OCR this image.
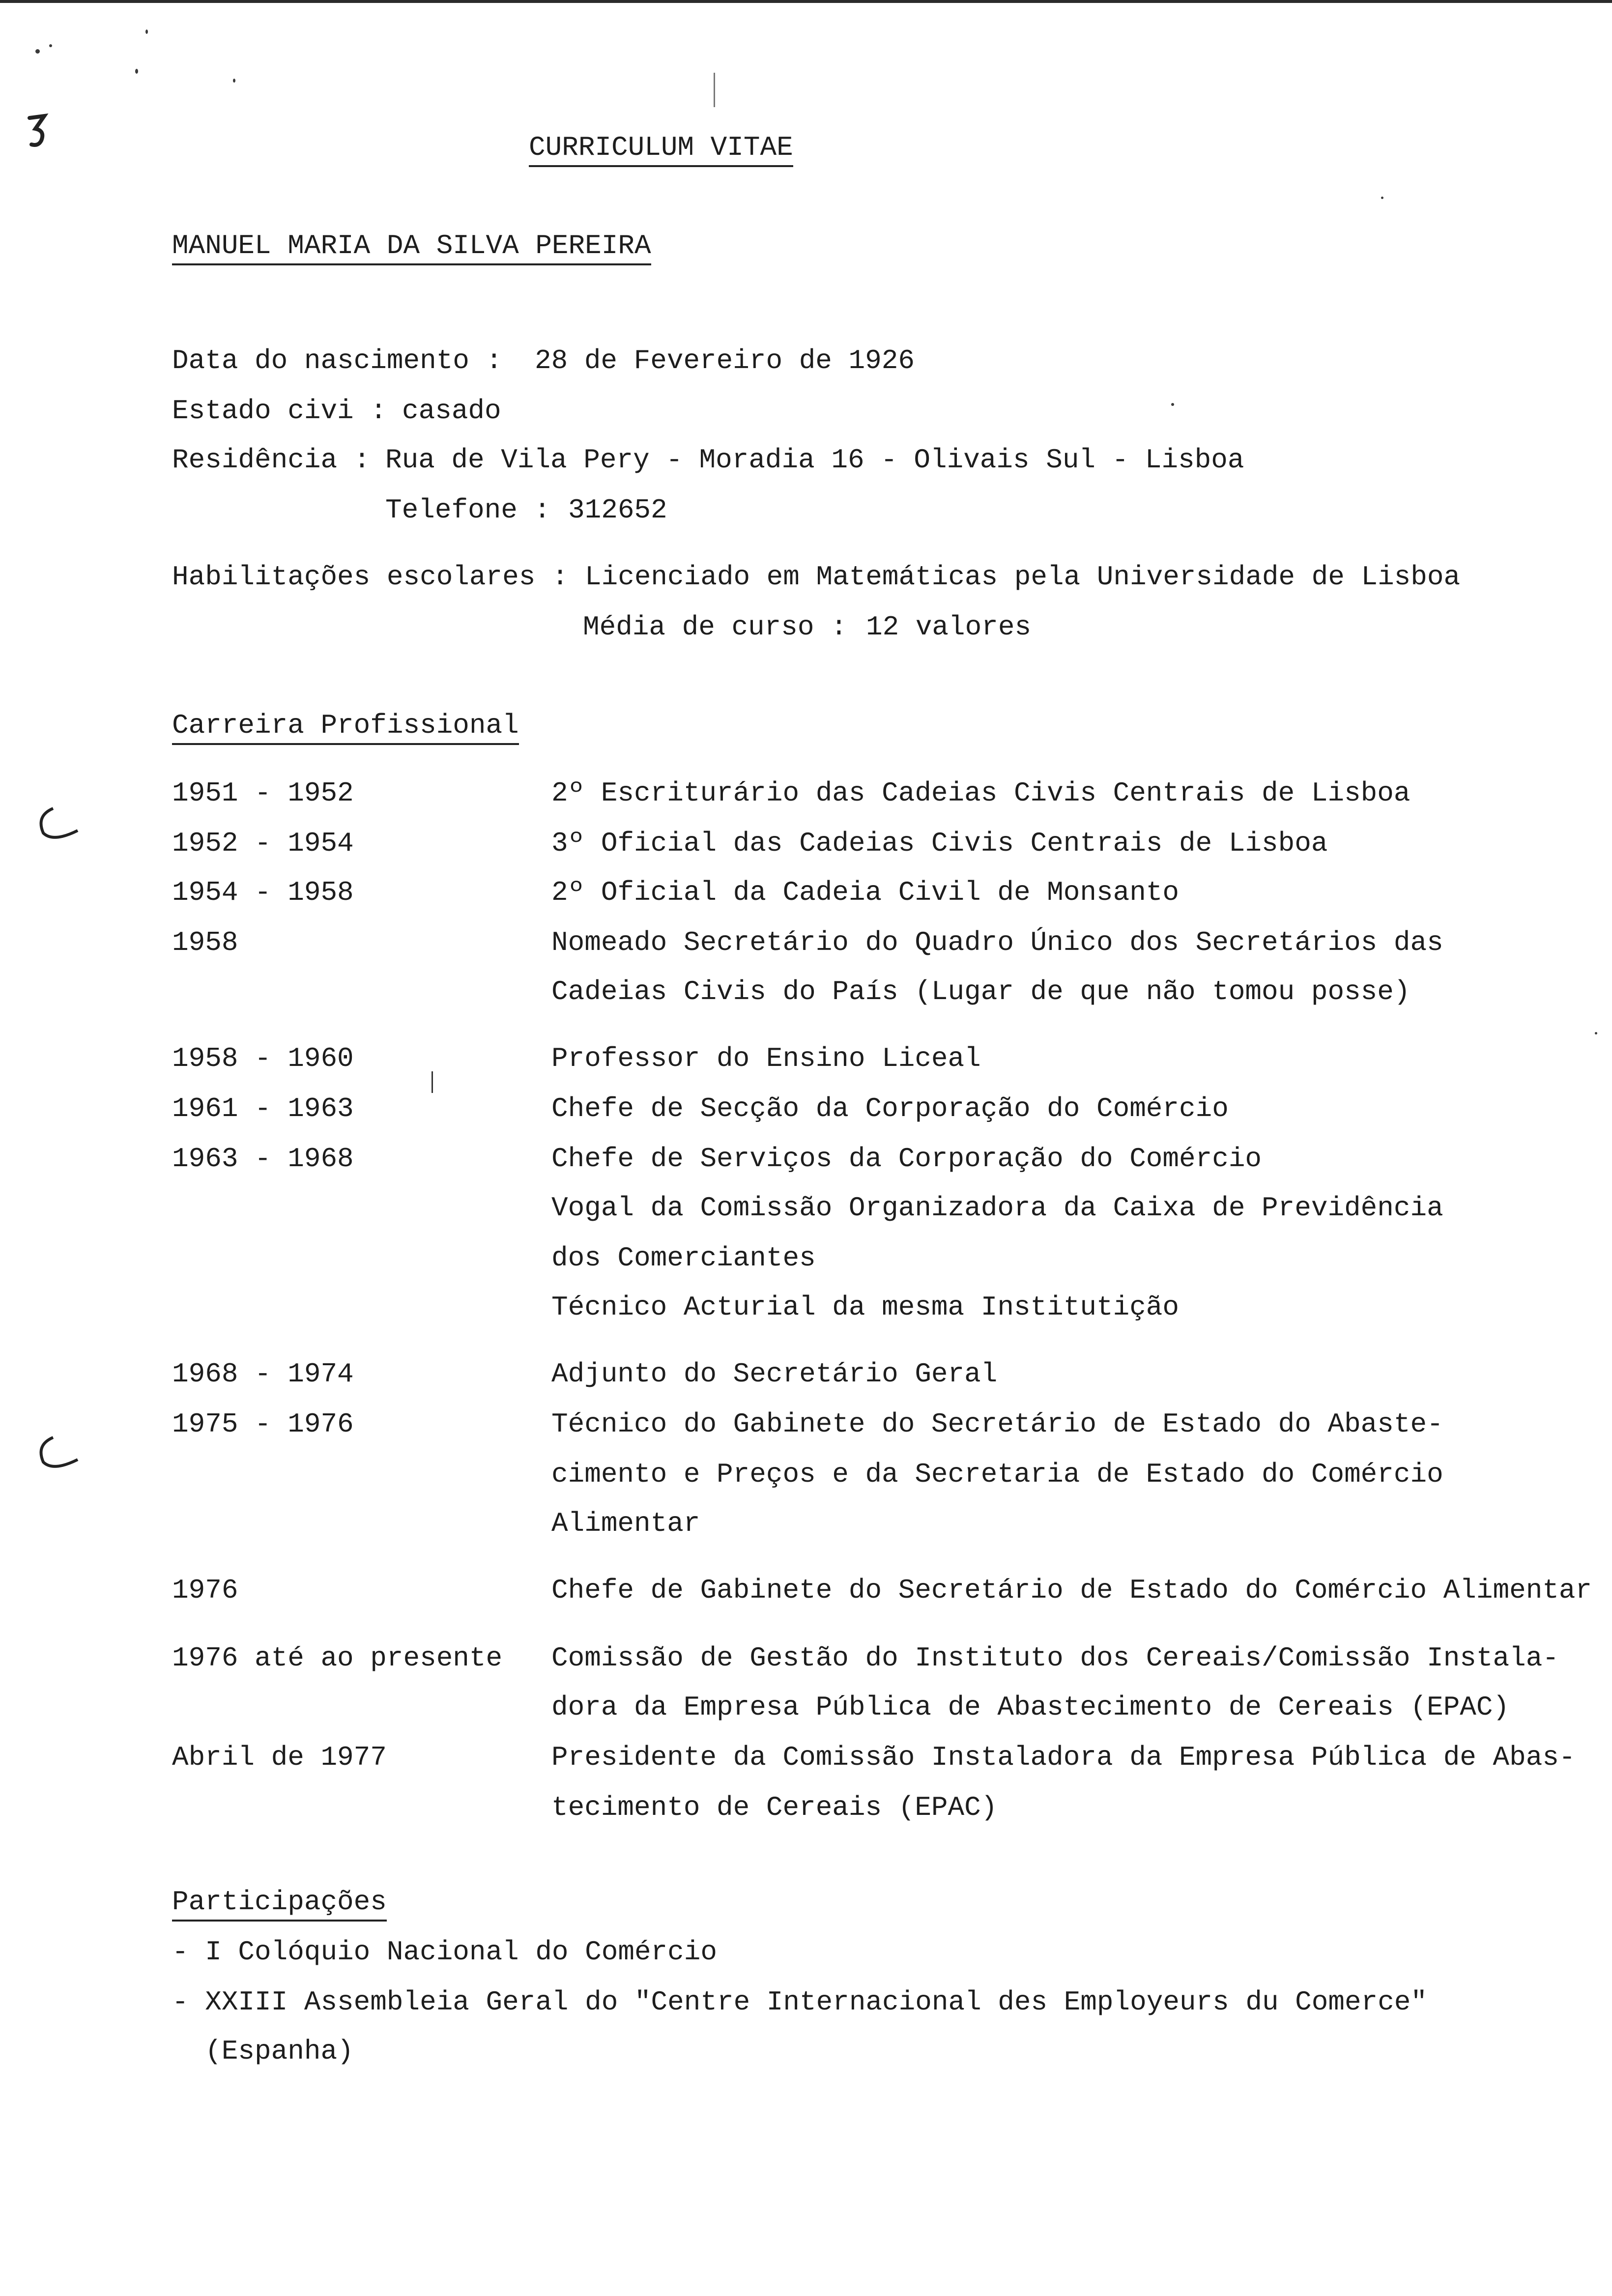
CURRICULUM VITAE
MANUEL MARIA DA SILVA PEREIRA
Data do nascimento : 28 de Fevereiro de 1926
Estado civi : casado
Residência : Rua de Vila Pery - Moradia 16 - Olivais Sul - Lisboa
Telefone : 312652
Habilitações escolares : Licenciado em Matemáticas pela Universidade de Lisboa
Média de curso : 12 valores
Carreira Profissional
1951 - 1952	2º Escriturário das Cadeias Civis Centrais de Lisboa
1952 - 1954	3º Oficial das Cadeias Civis Centrais de Lisboa
1954 - 1958	2º Oficial da Cadeia Civil de Monsanto
1958	Nomeado Secretário do Quadro Único dos Secretários das
Cadeias Civis do País (Lugar de que não tomou posse)
1958 - 1960	Professor do Ensino Liceal
1961 - 1963	Chefe de Secção da Corporação do Comércio
1963 - 1968	Chefe de Serviços da Corporação do Comércio
Vogal da Comissão Organizadora da Caixa de Previdência
dos Comerciantes
Técnico Acturial da mesma Institutição
1968 - 1974	Adjunto do Secretário Geral
1975 - 1976	Técnico do Gabinete do Secretário de Estado do Abaste-
cimento e Preços e da Secretaria de Estado do Comércio
Alimentar
1976	Chefe de Gabinete do Secretário de Estado do Comércio Alimentar
1976 até ao presente Comissão de Gestão do Instituto dos Cereais/Comissão Instala-
dora da Empresa Pública de Abastecimento de Cereais (EPAC)
Abril de 1977	Presidente da Comissão Instaladora da Empresa Pública de Abas-
tecimento de Cereais (EPAC)
Participações
- I Colóquio Nacional do Comércio
- XXIII Assembleia Geral do "Centre Internacional des Employeurs du Comerce"
(Espanha)
